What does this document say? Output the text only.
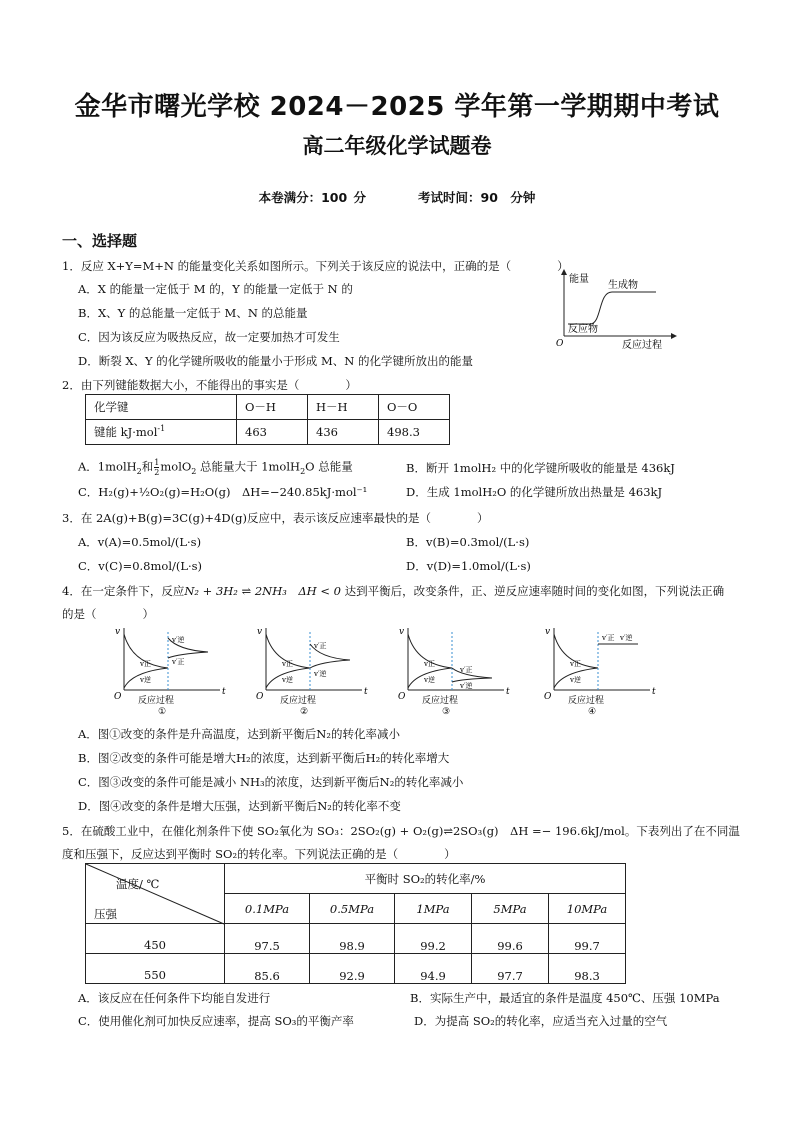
金华市曙光学校 2024－2025 学年第一学期期中考试
高二年级化学试题卷
本卷满分：100 分	考试时间：90　分钟
一、选择题
1．反应 X+Y=M+N 的能量变化关系如图所示。下列关于该反应的说法中，正确的是（　　　　）
A．X 的能量一定低于 M 的，Y 的能量一定低于 N 的
B．X、Y 的总能量一定低于 M、N 的总能量
C．因为该反应为吸热反应，故一定要加热才可发生
D．断裂 X、Y 的化学键所吸收的能量小于形成 M、N 的化学键所放出的能量
能量
生成物
反应物
O	反应过程
2．由下列键能数据大小，不能得出的事实是（　　　　）
化学键	O－H	H－H	O－O
键能 kJ·mol$^{-1}$	463	436	498.3
A．1molH$_2$和 $\frac{1}{2}$ molO$_2$ 总能量大于 1molH$_2$O 总能量	B．断开 1molH₂ 中的化学键所吸收的能量是 436kJ
C．H₂(g)+½O₂(g)=H₂O(g)　ΔH=−240.85kJ·mol⁻¹	D．生成 1molH₂O 的化学键所放出热量是 463kJ
3．在 2A(g)+B(g)=3C(g)+4D(g)反应中，表示该反应速率最快的是（　　　　）
A．v(A)=0.5mol/(L·s)	B．v(B)=0.3mol/(L·s)
C．v(C)=0.8mol/(L·s)	D．v(D)=1.0mol/(L·s)
4．在一定条件下，反应N₂ + 3H₂ ⇌ 2NH₃　 ΔH < 0 达到平衡后，改变条件，正、逆反应速率随时间的变化如图，下列说法正确
的是（　　　　）
v
t
O 反应过程
①
v正
v逆
v′逆
v′正
v
t
O 反应过程
②
v正
v逆
v′正
v′逆
v
t
O 反应过程
③
v正
v逆
v′正
v′逆
v
t
O 反应过程
④
v正
v逆
v′正 v′逆
A．图①改变的条件是升高温度，达到新平衡后N₂的转化率减小
B．图②改变的条件可能是增大H₂的浓度，达到新平衡后H₂的转化率增大
C．图③改变的条件可能是减小 NH₃的浓度，达到新平衡后N₂的转化率减小
D．图④改变的条件是增大压强，达到新平衡后N₂的转化率不变
5．在硫酸工业中，在催化剂条件下使 SO₂氧化为 SO₃：2SO₂(g) + O₂(g)⇌2SO₃(g)　ΔH =− 196.6kJ/mol。下表列出了在不同温
度和压强下，反应达到平衡时 SO₂的转化率。下列说法正确的是（　　　　）
温度/ ℃
压强	平衡时 SO₂的转化率/%				
	0.1MPa	0.5MPa	1MPa	5MPa	10MPa
450	97.5	98.9	99.2	99.6	99.7
550	85.6	92.9	94.9	97.7	98.3
A．该反应在任何条件下均能自发进行	B．实际生产中，最适宜的条件是温度 450℃、压强 10MPa
C．使用催化剂可加快反应速率，提高 SO₃的平衡产率	D．为提高 SO₂的转化率，应适当充入过量的空气
